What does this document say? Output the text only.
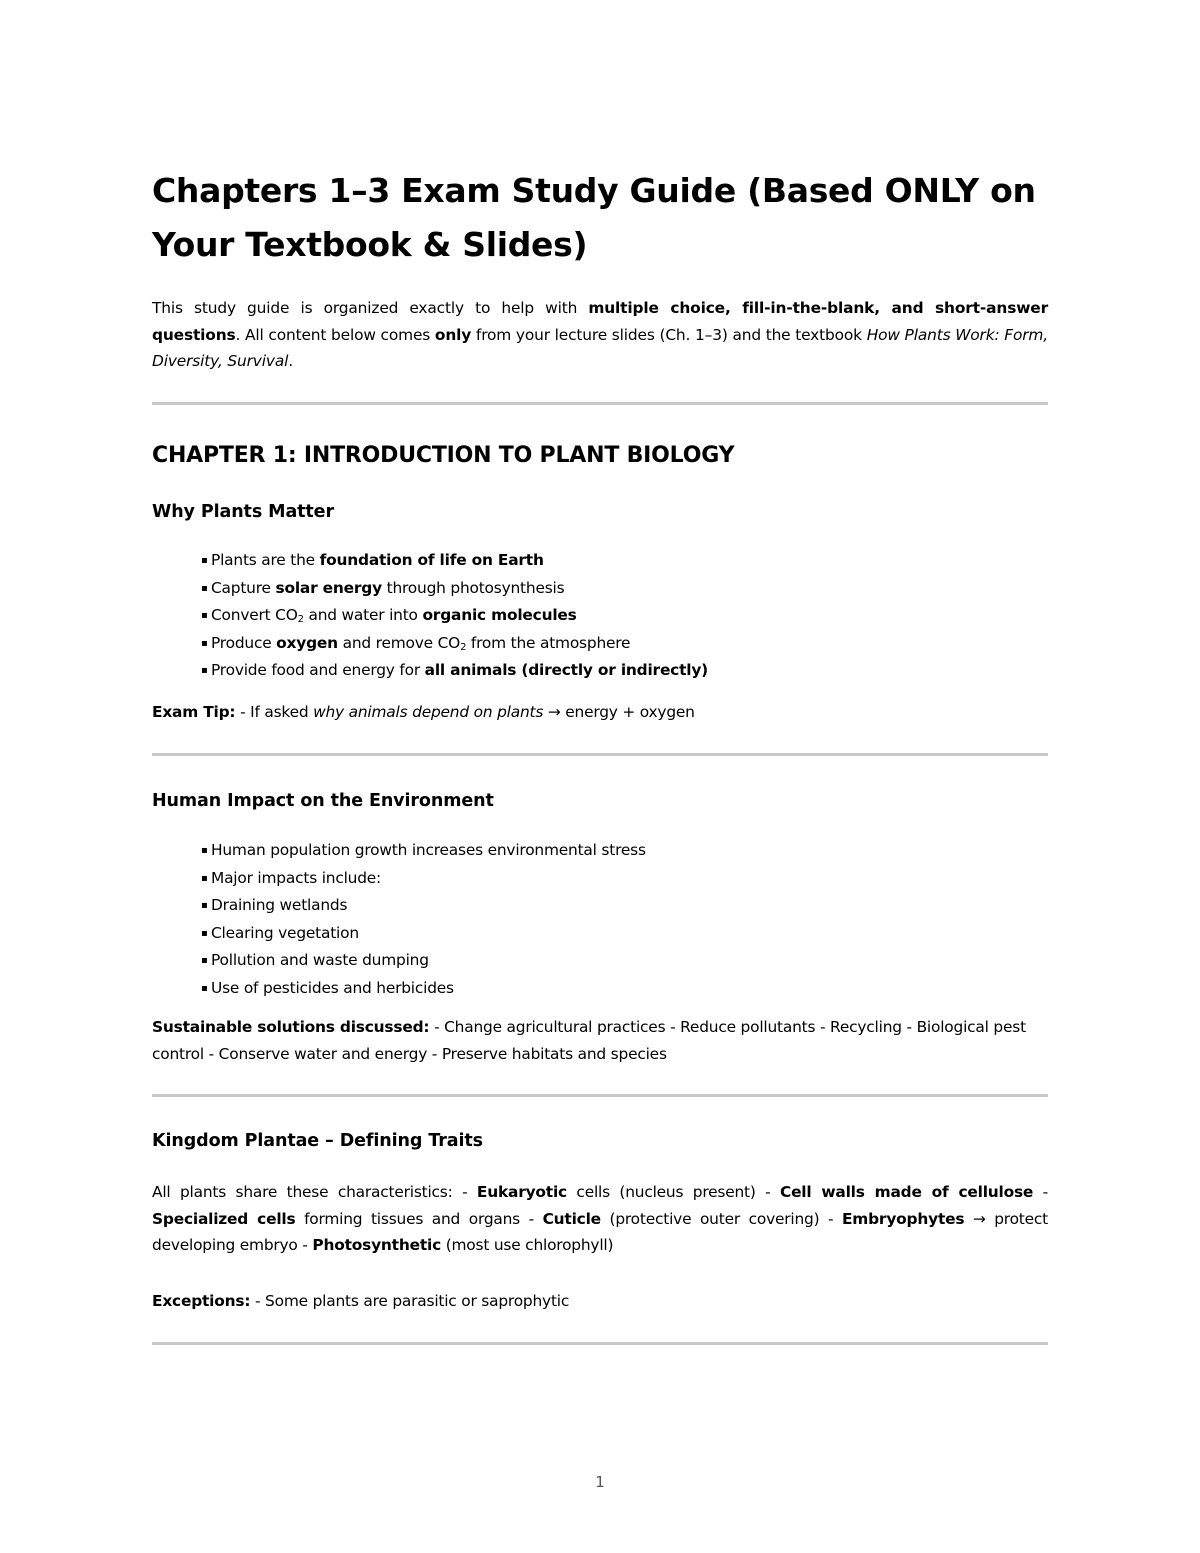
Chapters 1–3 Exam Study Guide (Based ONLY on Your Textbook & Slides)
This study guide is organized exactly to help with multiple choice, fill-in-the-blank, and short-answer questions. All content below comes only from your lecture slides (Ch. 1–3) and the textbook How Plants Work: Form, Diversity, Survival.
CHAPTER 1: INTRODUCTION TO PLANT BIOLOGY
Why Plants Matter
▪ Plants are the foundation of life on Earth
▪ Capture solar energy through photosynthesis
▪ Convert $CO_2$ and water into organic molecules
▪ Produce oxygen and remove $CO_2$ from the atmosphere
▪ Provide food and energy for all animals (directly or indirectly)
Exam Tip: - If asked why animals depend on plants → energy + oxygen
Human Impact on the Environment
▪ Human population growth increases environmental stress
▪ Major impacts include:
▪ Draining wetlands
▪ Clearing vegetation
▪ Pollution and waste dumping
▪ Use of pesticides and herbicides
Sustainable solutions discussed: - Change agricultural practices - Reduce pollutants - Recycling - Biological pest control - Conserve water and energy - Preserve habitats and species
Kingdom Plantae – Defining Traits
All plants share these characteristics: - Eukaryotic cells (nucleus present) - Cell walls made of cellulose - Specialized cells forming tissues and organs - Cuticle (protective outer covering) - Embryophytes → protect developing embryo - Photosynthetic (most use chlorophyll)
Exceptions: - Some plants are parasitic or saprophytic
1
